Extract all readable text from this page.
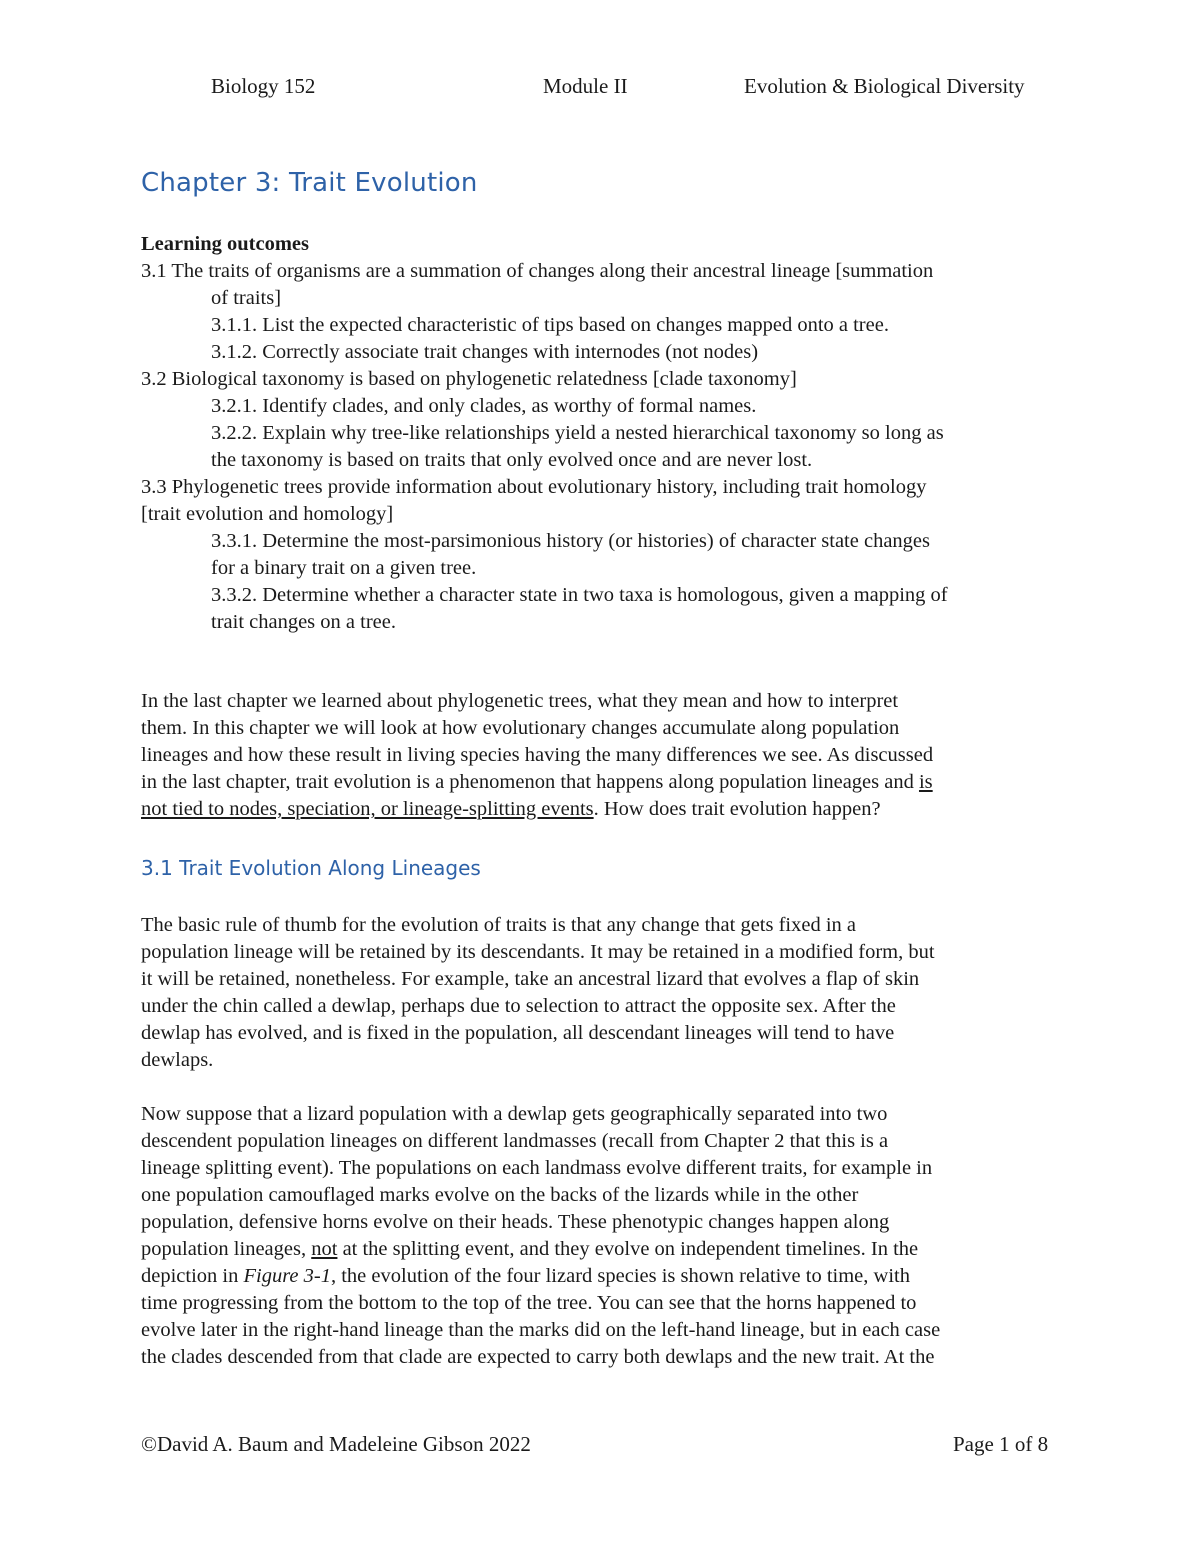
Biology 152	Module II	Evolution & Biological Diversity
Chapter 3: Trait Evolution
Learning outcomes
3.1 The traits of organisms are a summation of changes along their ancestral lineage [summation
of traits]
3.1.1. List the expected characteristic of tips based on changes mapped onto a tree.
3.1.2. Correctly associate trait changes with internodes (not nodes)
3.2 Biological taxonomy is based on phylogenetic relatedness [clade taxonomy]
3.2.1. Identify clades, and only clades, as worthy of formal names.
3.2.2. Explain why tree-like relationships yield a nested hierarchical taxonomy so long as
the taxonomy is based on traits that only evolved once and are never lost.
3.3 Phylogenetic trees provide information about evolutionary history, including trait homology
[trait evolution and homology]
3.3.1. Determine the most-parsimonious history (or histories) of character state changes
for a binary trait on a given tree.
3.3.2. Determine whether a character state in two taxa is homologous, given a mapping of
trait changes on a tree.
In the last chapter we learned about phylogenetic trees, what they mean and how to interpret
them. In this chapter we will look at how evolutionary changes accumulate along population
lineages and how these result in living species having the many differences we see. As discussed
in the last chapter, trait evolution is a phenomenon that happens along population lineages and is
not tied to nodes, speciation, or lineage-splitting events. How does trait evolution happen?
3.1 Trait Evolution Along Lineages
The basic rule of thumb for the evolution of traits is that any change that gets fixed in a
population lineage will be retained by its descendants. It may be retained in a modified form, but
it will be retained, nonetheless. For example, take an ancestral lizard that evolves a flap of skin
under the chin called a dewlap, perhaps due to selection to attract the opposite sex. After the
dewlap has evolved, and is fixed in the population, all descendant lineages will tend to have
dewlaps.
Now suppose that a lizard population with a dewlap gets geographically separated into two
descendent population lineages on different landmasses (recall from Chapter 2 that this is a
lineage splitting event). The populations on each landmass evolve different traits, for example in
one population camouflaged marks evolve on the backs of the lizards while in the other
population, defensive horns evolve on their heads. These phenotypic changes happen along
population lineages, not at the splitting event, and they evolve on independent timelines. In the
depiction in Figure 3-1, the evolution of the four lizard species is shown relative to time, with
time progressing from the bottom to the top of the tree. You can see that the horns happened to
evolve later in the right-hand lineage than the marks did on the left-hand lineage, but in each case
the clades descended from that clade are expected to carry both dewlaps and the new trait. At the
©David A. Baum and Madeleine Gibson 2022	Page 1 of 8
